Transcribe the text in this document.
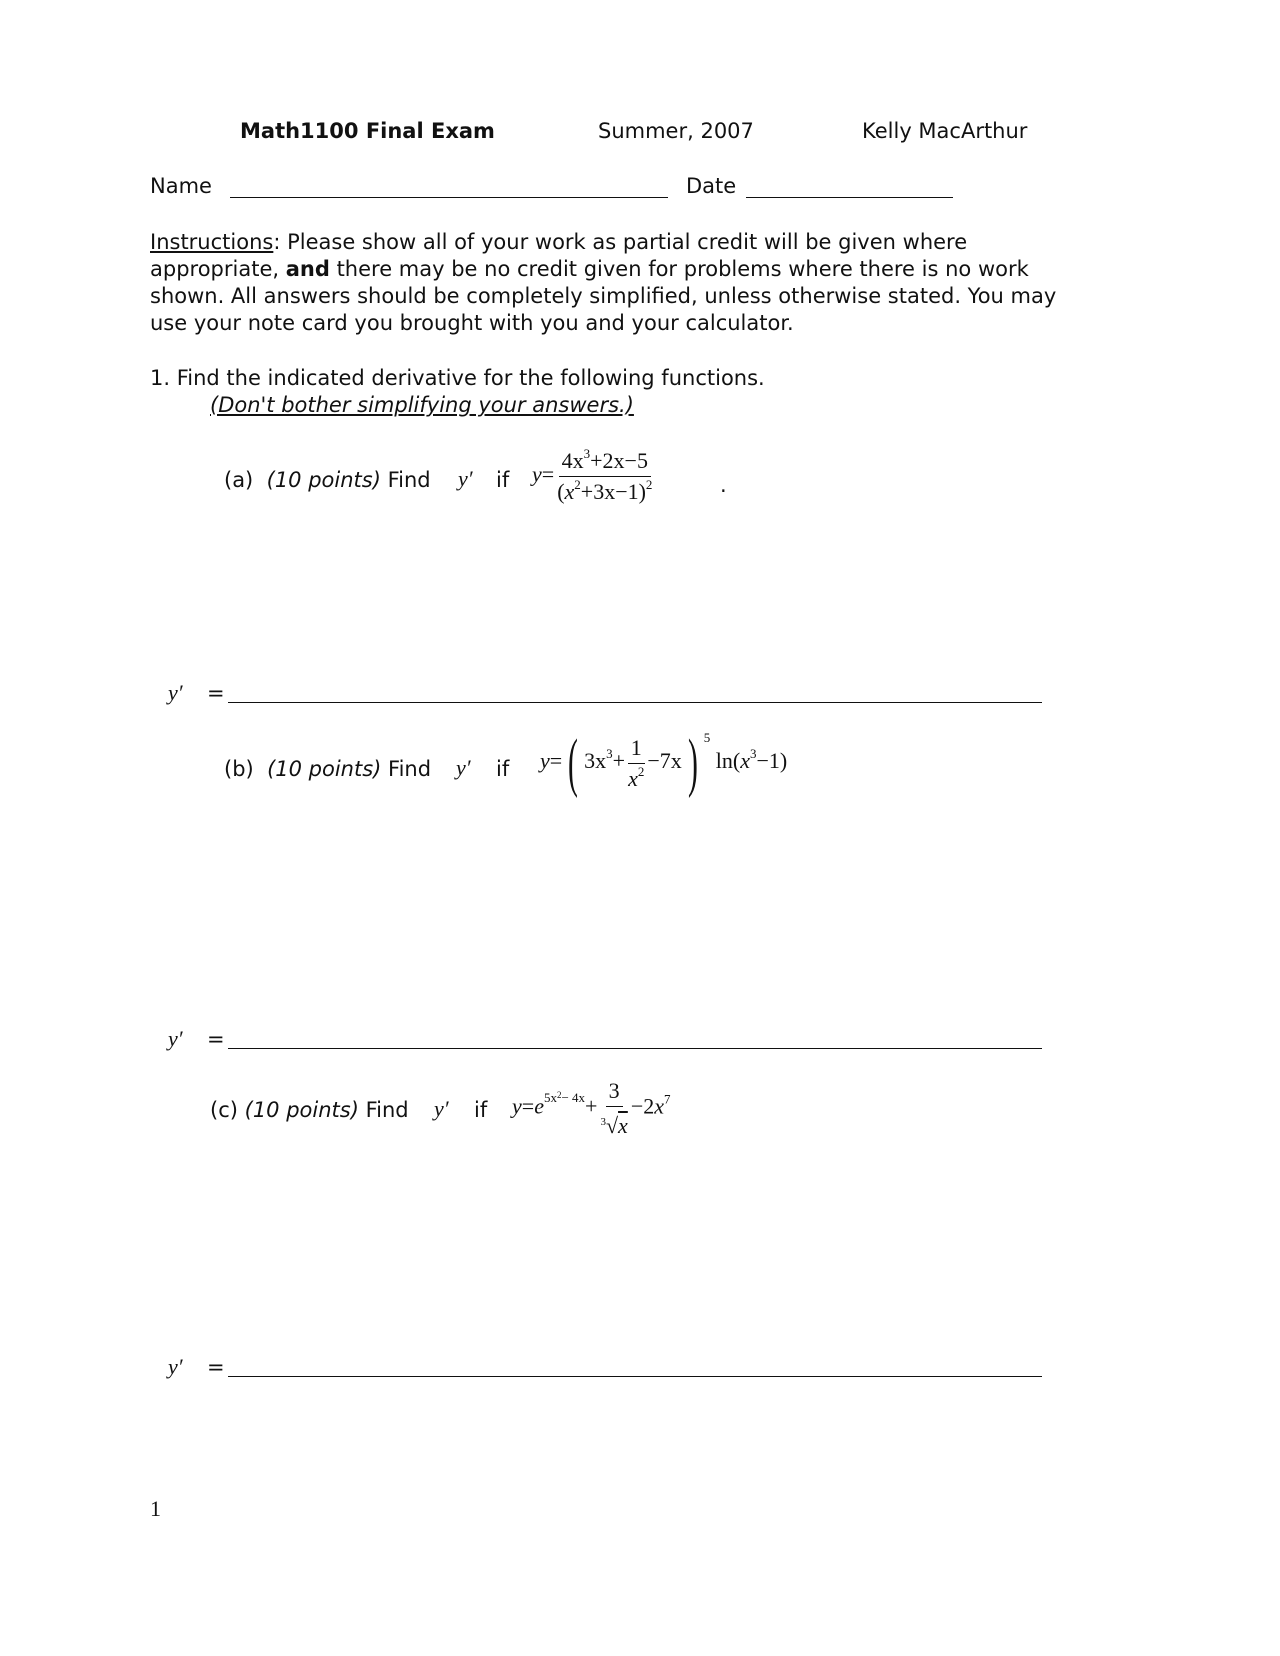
Math1100 Final Exam	Summer, 2007	Kelly MacArthur
Name	Date
Instructions: Please show all of your work as partial credit will be given where
appropriate, and there may be no credit given for problems where there is no work
shown. All answers should be completely simplified, unless otherwise stated. You may
use your note card you brought with you and your calculator.
1. Find the indicated derivative for the following functions.
(Don't bother simplifying your answers.)
(a) (10 points) Find y′ if $y= \frac{4x^3+2x-5}{(x^2+3x-1)^2}$	.
y′ =
(b) (10 points) Find y′ if y=( $3x^3+ \frac{1}{x^2} -7x$) $^5$ $\ln(x^3-1)$
y′ =
(c) (10 points) Find y′ if $y=e^{5x^2- 4x}+ \frac{3}{^3√x} -2x^7$
y′ =
1
